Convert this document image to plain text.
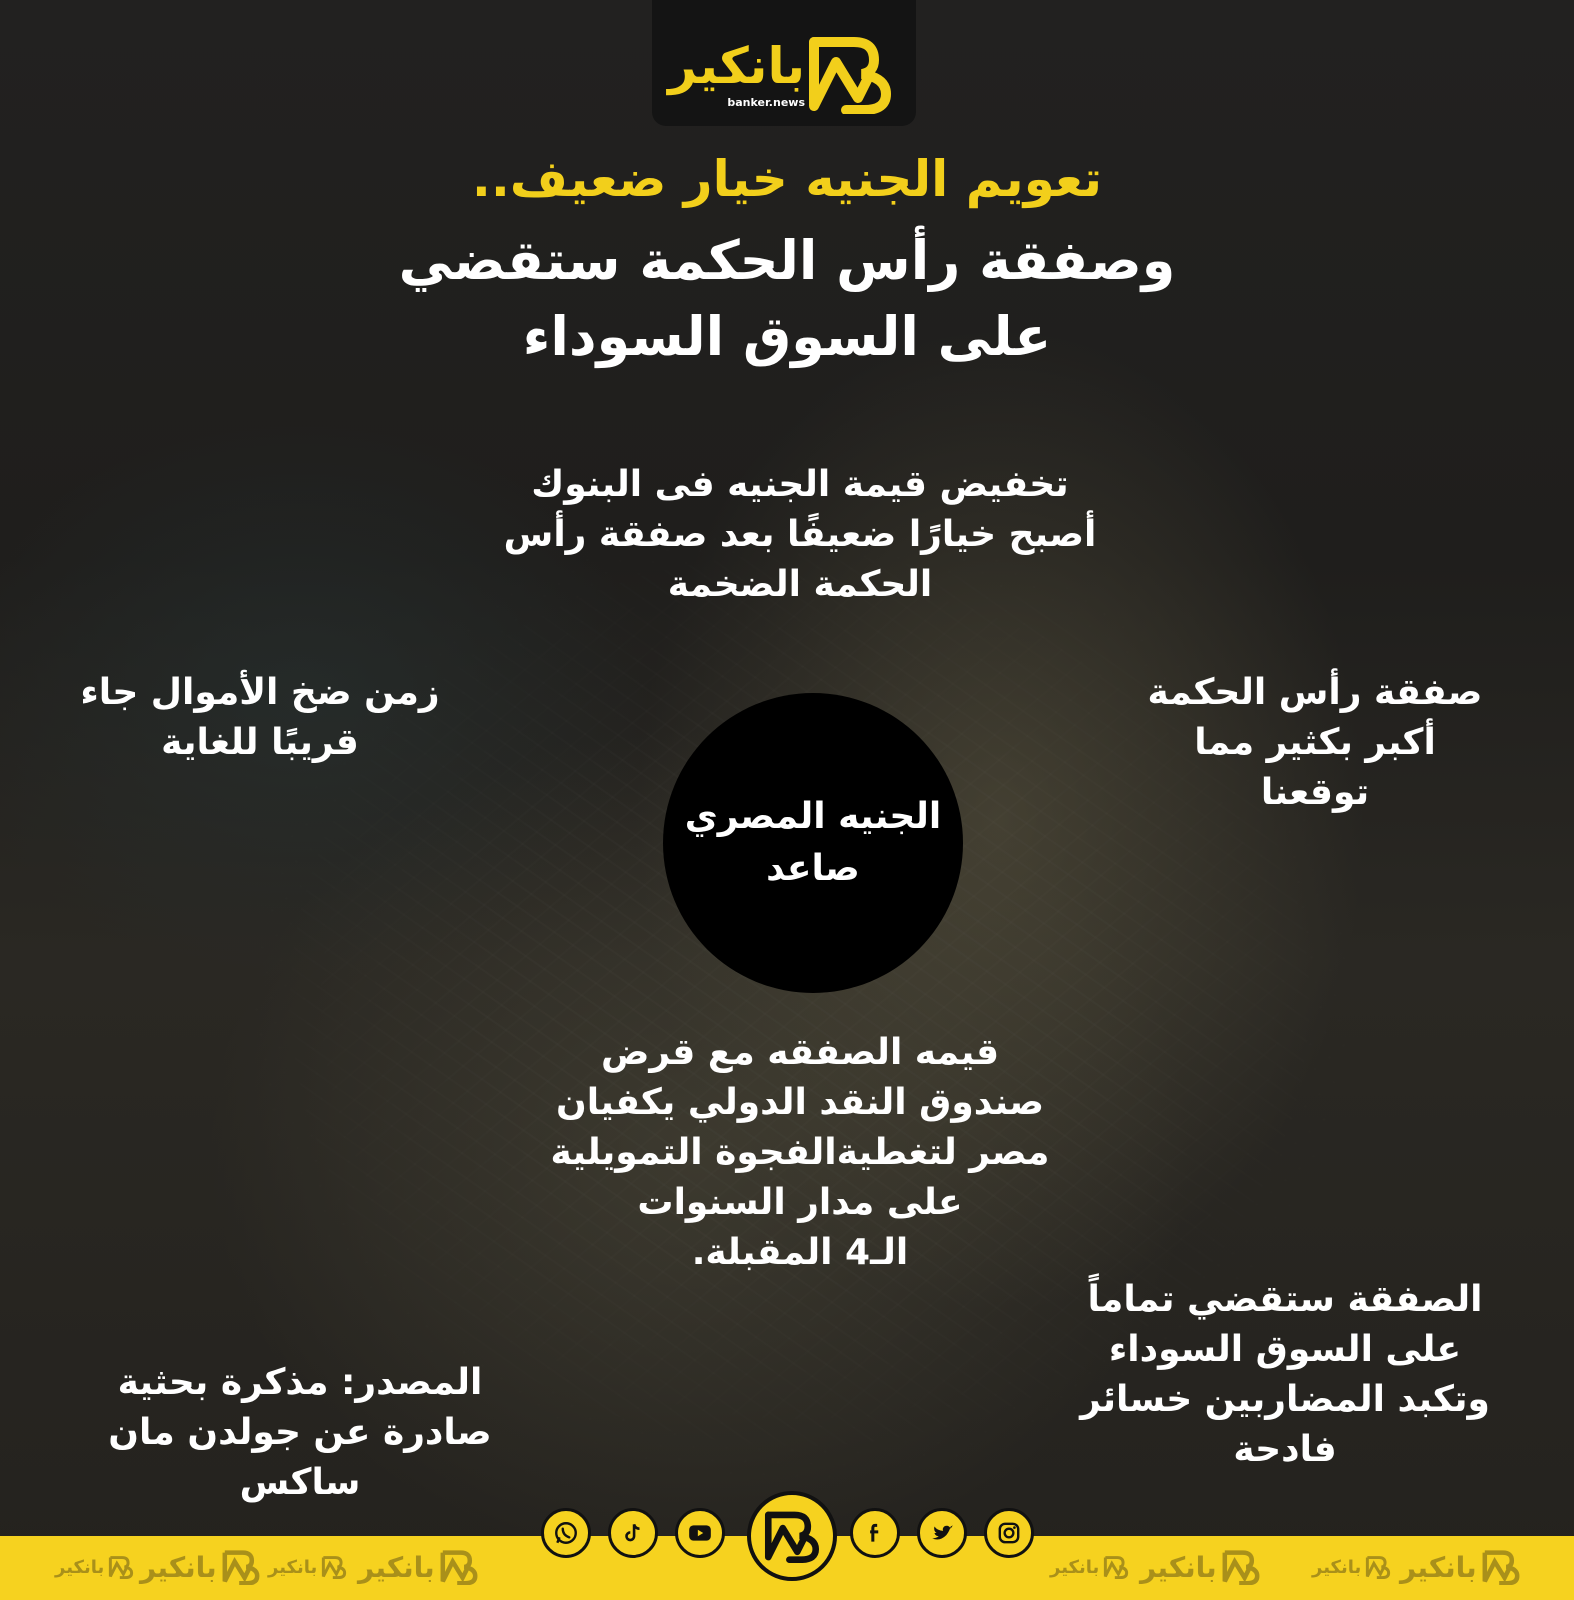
بانكير
banker.news
تعويم الجنيه خيار ضعيف..
وصفقة رأس الحكمة ستقضي
على السوق السوداء
تخفيض قيمة الجنيه فى البنوك
أصبح خيارًا ضعيفًا بعد صفقة رأس
الحكمة الضخمة
زمن ضخ الأموال جاء
قريبًا للغاية
صفقة رأس الحكمة
أكبر بكثير مما
توقعنا
الجنيه المصري
صاعد
قيمه الصفقه مع قرض
صندوق النقد الدولي يكفيان
مصر لتغطيةالفجوة التمويلية
على مدار السنوات
الـ4 المقبلة.
الصفقة ستقضي تماماً
على السوق السوداء
وتكبد المضاربين خسائر
فادحة
المصدر: مذكرة بحثية
صادرة عن جولدن مان
ساكس
بانكير بانكير	بانكير بانكير	بانكير بانكير	بانكير بانكير
